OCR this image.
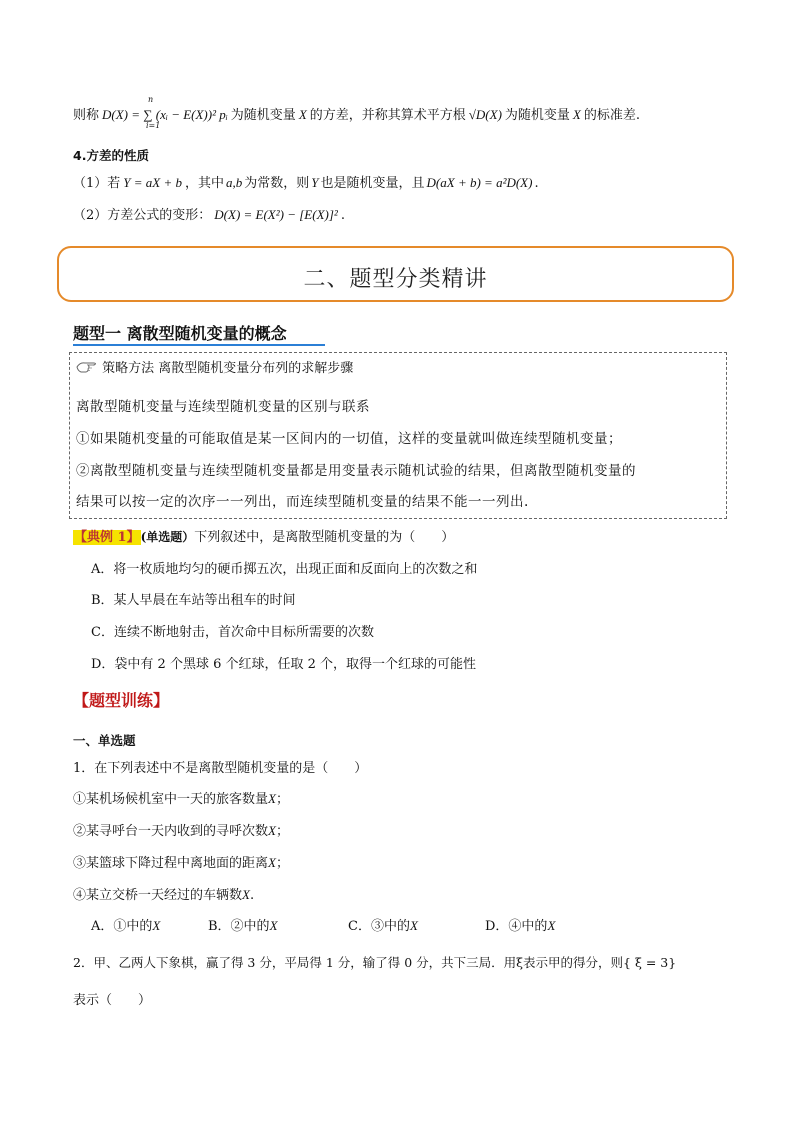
则称 D(X) = ∑ (xᵢ − E(X))² pᵢ 为随机变量 X 的方差，并称其算术平方根 √D(X) 为随机变量 X 的标准差.
n
i=1
4.方差的性质
（1）若 Y = aX + b ，其中 a,b 为常数，则 Y 也是随机变量，且 D(aX + b) = a²D(X) .
（2）方差公式的变形： D(X) = E(X²) − [E(X)]² .
二、题型分类精讲
题型一 离散型随机变量的概念
策略方法 离散型随机变量分布列的求解步骤
离散型随机变量与连续型随机变量的区别与联系
①如果随机变量的可能取值是某一区间内的一切值，这样的变量就叫做连续型随机变量；
②离散型随机变量与连续型随机变量都是用变量表示随机试验的结果，但离散型随机变量的
结果可以按一定的次序一一列出，而连续型随机变量的结果不能一一列出.
【典例 1】(单选题）下列叙述中，是离散型随机变量的为（　　）
A．将一枚质地均匀的硬币掷五次，出现正面和反面向上的次数之和
B．某人早晨在车站等出租车的时间
C．连续不断地射击，首次命中目标所需要的次数
D．袋中有 2 个黑球 6 个红球，任取 2 个，取得一个红球的可能性
【题型训练】
一、单选题
1．在下列表述中不是离散型随机变量的是（　　）
①某机场候机室中一天的旅客数量X；
②某寻呼台一天内收到的寻呼次数X；
③某篮球下降过程中离地面的距离X；
④某立交桥一天经过的车辆数X.
A．①中的X	B．②中的X	C．③中的X	D．④中的X
2．甲、乙两人下象棋，赢了得 3 分，平局得 1 分，输了得 0 分，共下三局．用ξ表示甲的得分，则{ ξ = 3}
表示（　　）
